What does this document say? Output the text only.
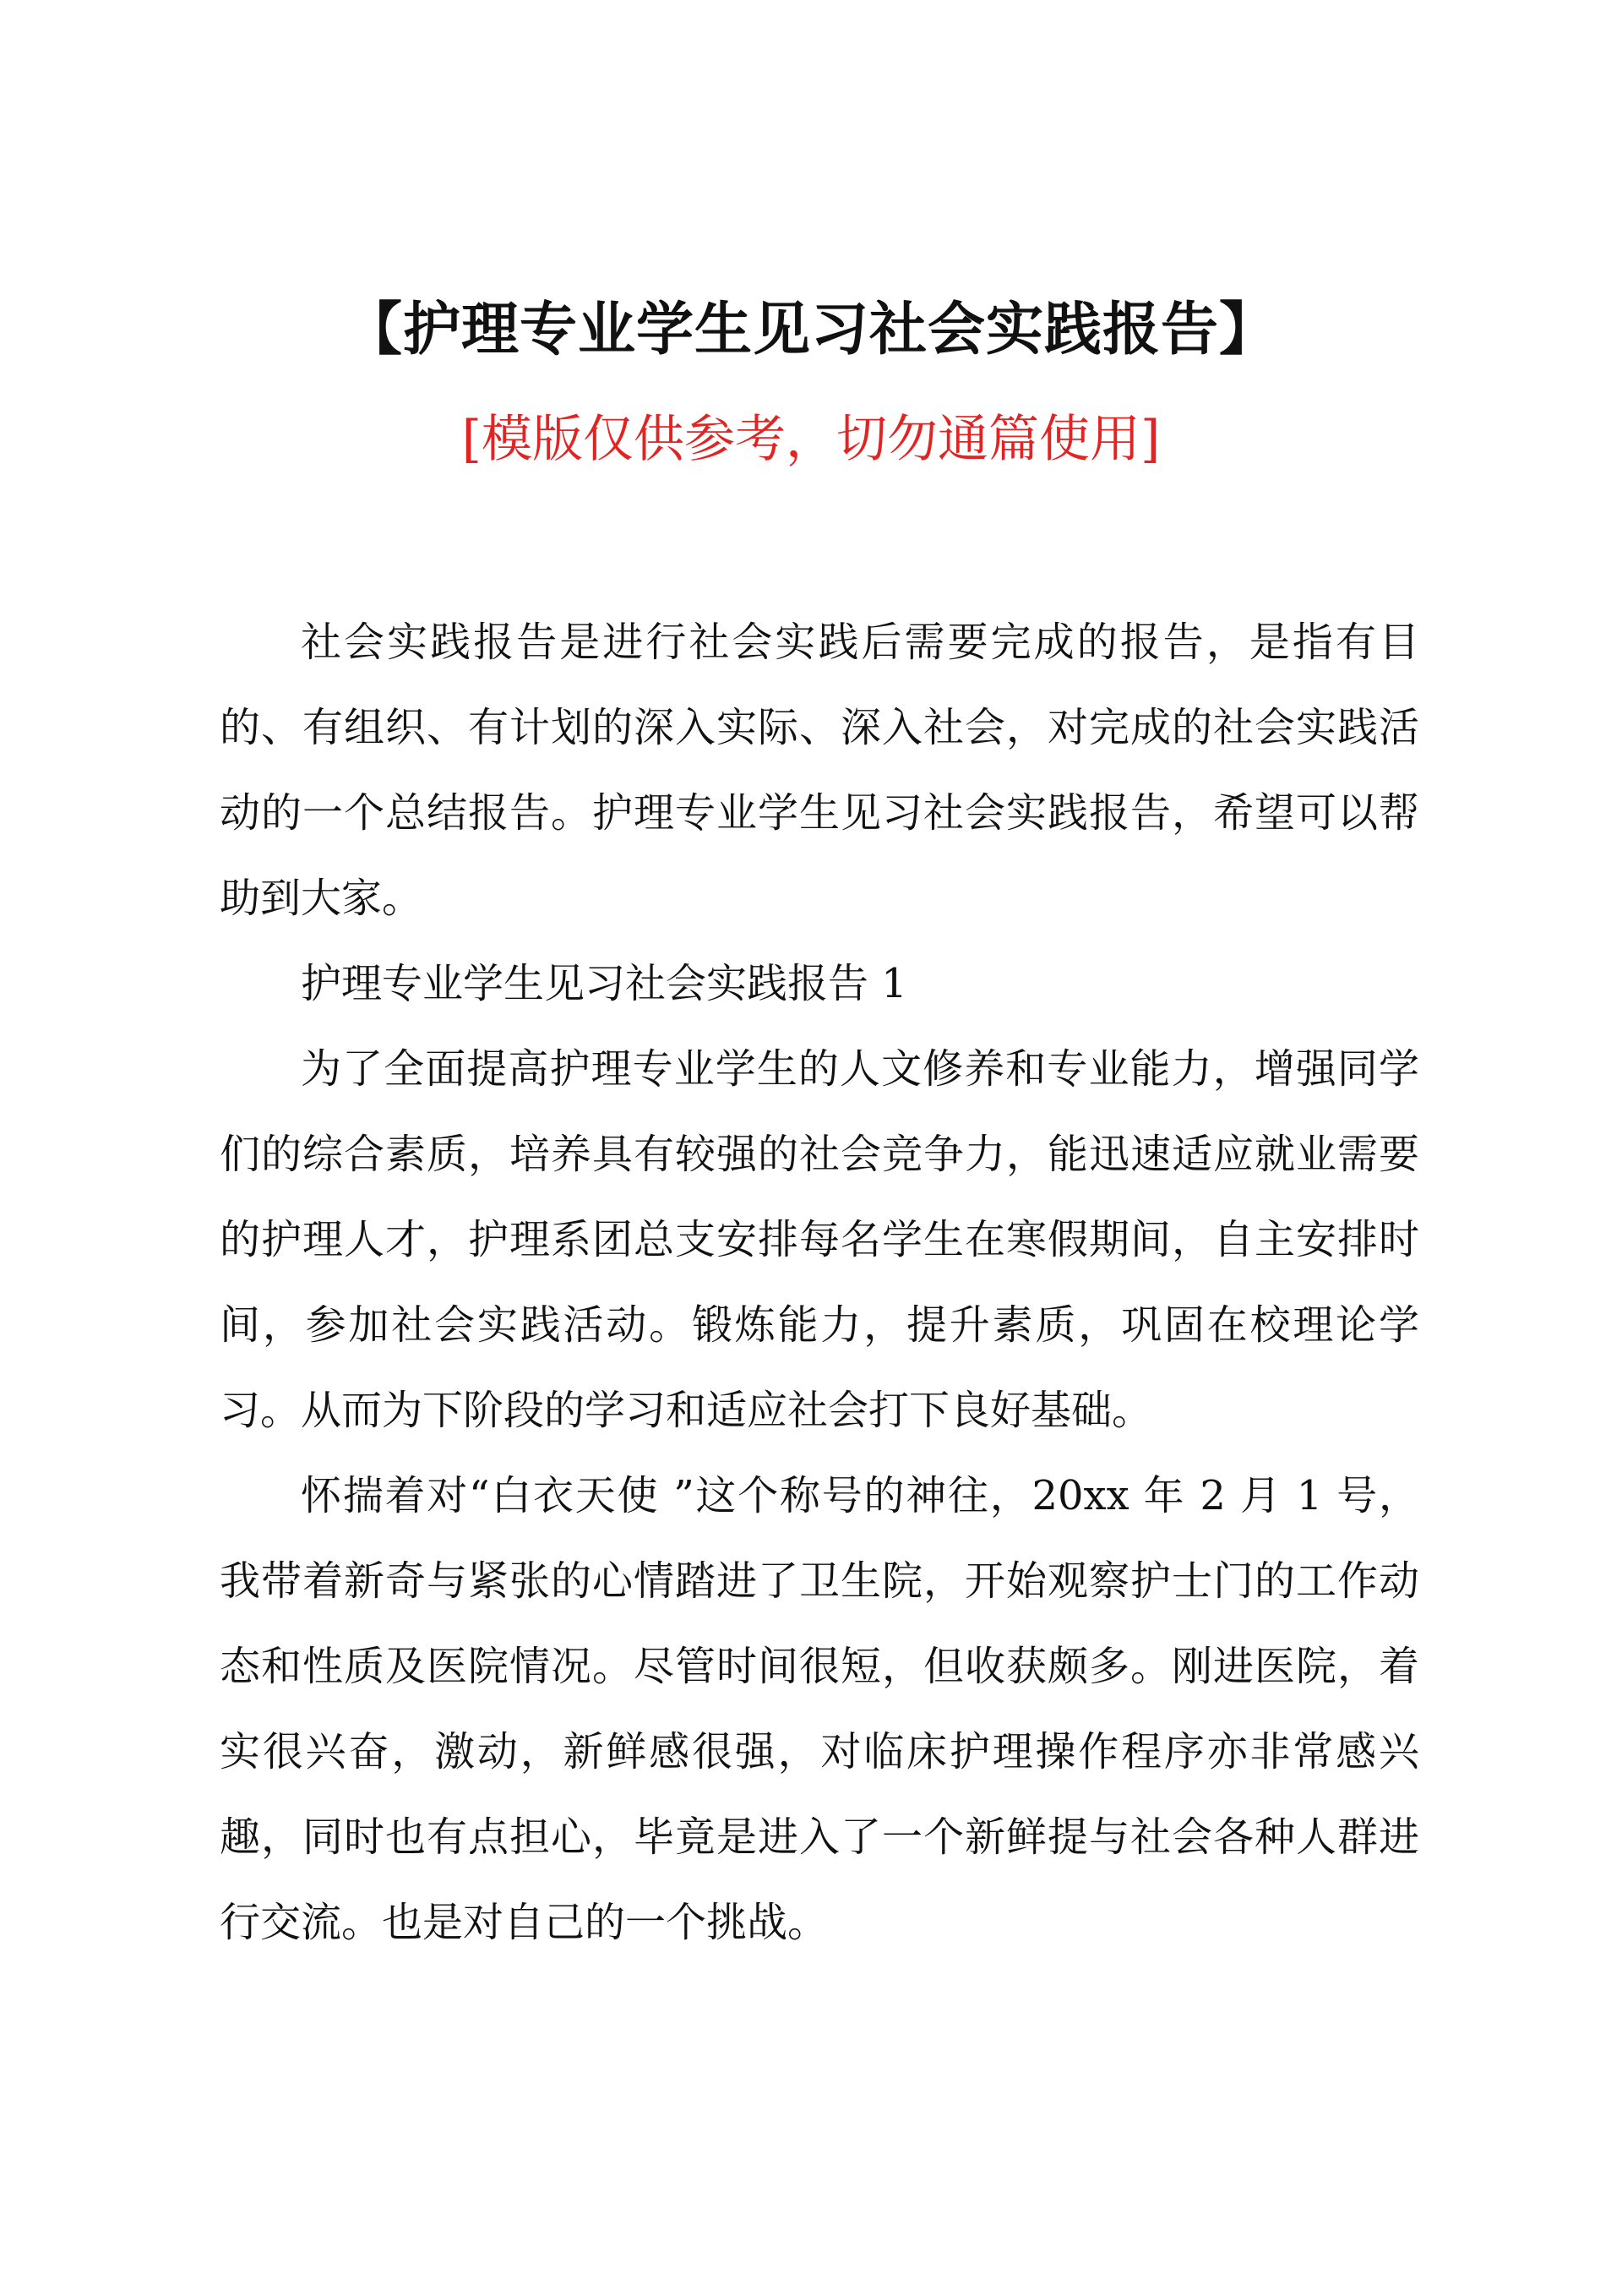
【护理专业学生见习社会实践报告】
[模版仅供参考，切勿通篇使用]

社会实践报告是进行社会实践后需要完成的报告，是指有目的、有组织、有计划的深入实际、深入社会，对完成的社会实践活动的一个总结报告。护理专业学生见习社会实践报告，希望可以帮助到大家。

护理专业学生见习社会实践报告 1

为了全面提高护理专业学生的人文修养和专业能力，增强同学们的综合素质，培养具有较强的社会竞争力，能迅速适应就业需要的护理人才，护理系团总支安排每名学生在寒假期间，自主安排时间，参加社会实践活动。锻炼能力，提升素质，巩固在校理论学习。从而为下阶段的学习和适应社会打下良好基础。

怀揣着对“白衣天使 ”这个称号的神往，20xx 年 2 月 1 号，我带着新奇与紧张的心情踏进了卫生院，开始观察护士门的工作动态和性质及医院情况。尽管时间很短，但收获颇多。刚进医院，着实很兴奋，激动，新鲜感很强，对临床护理操作程序亦非常感兴趣，同时也有点担心，毕竟是进入了一个新鲜提与社会各种人群进行交流。也是对自己的一个挑战。
